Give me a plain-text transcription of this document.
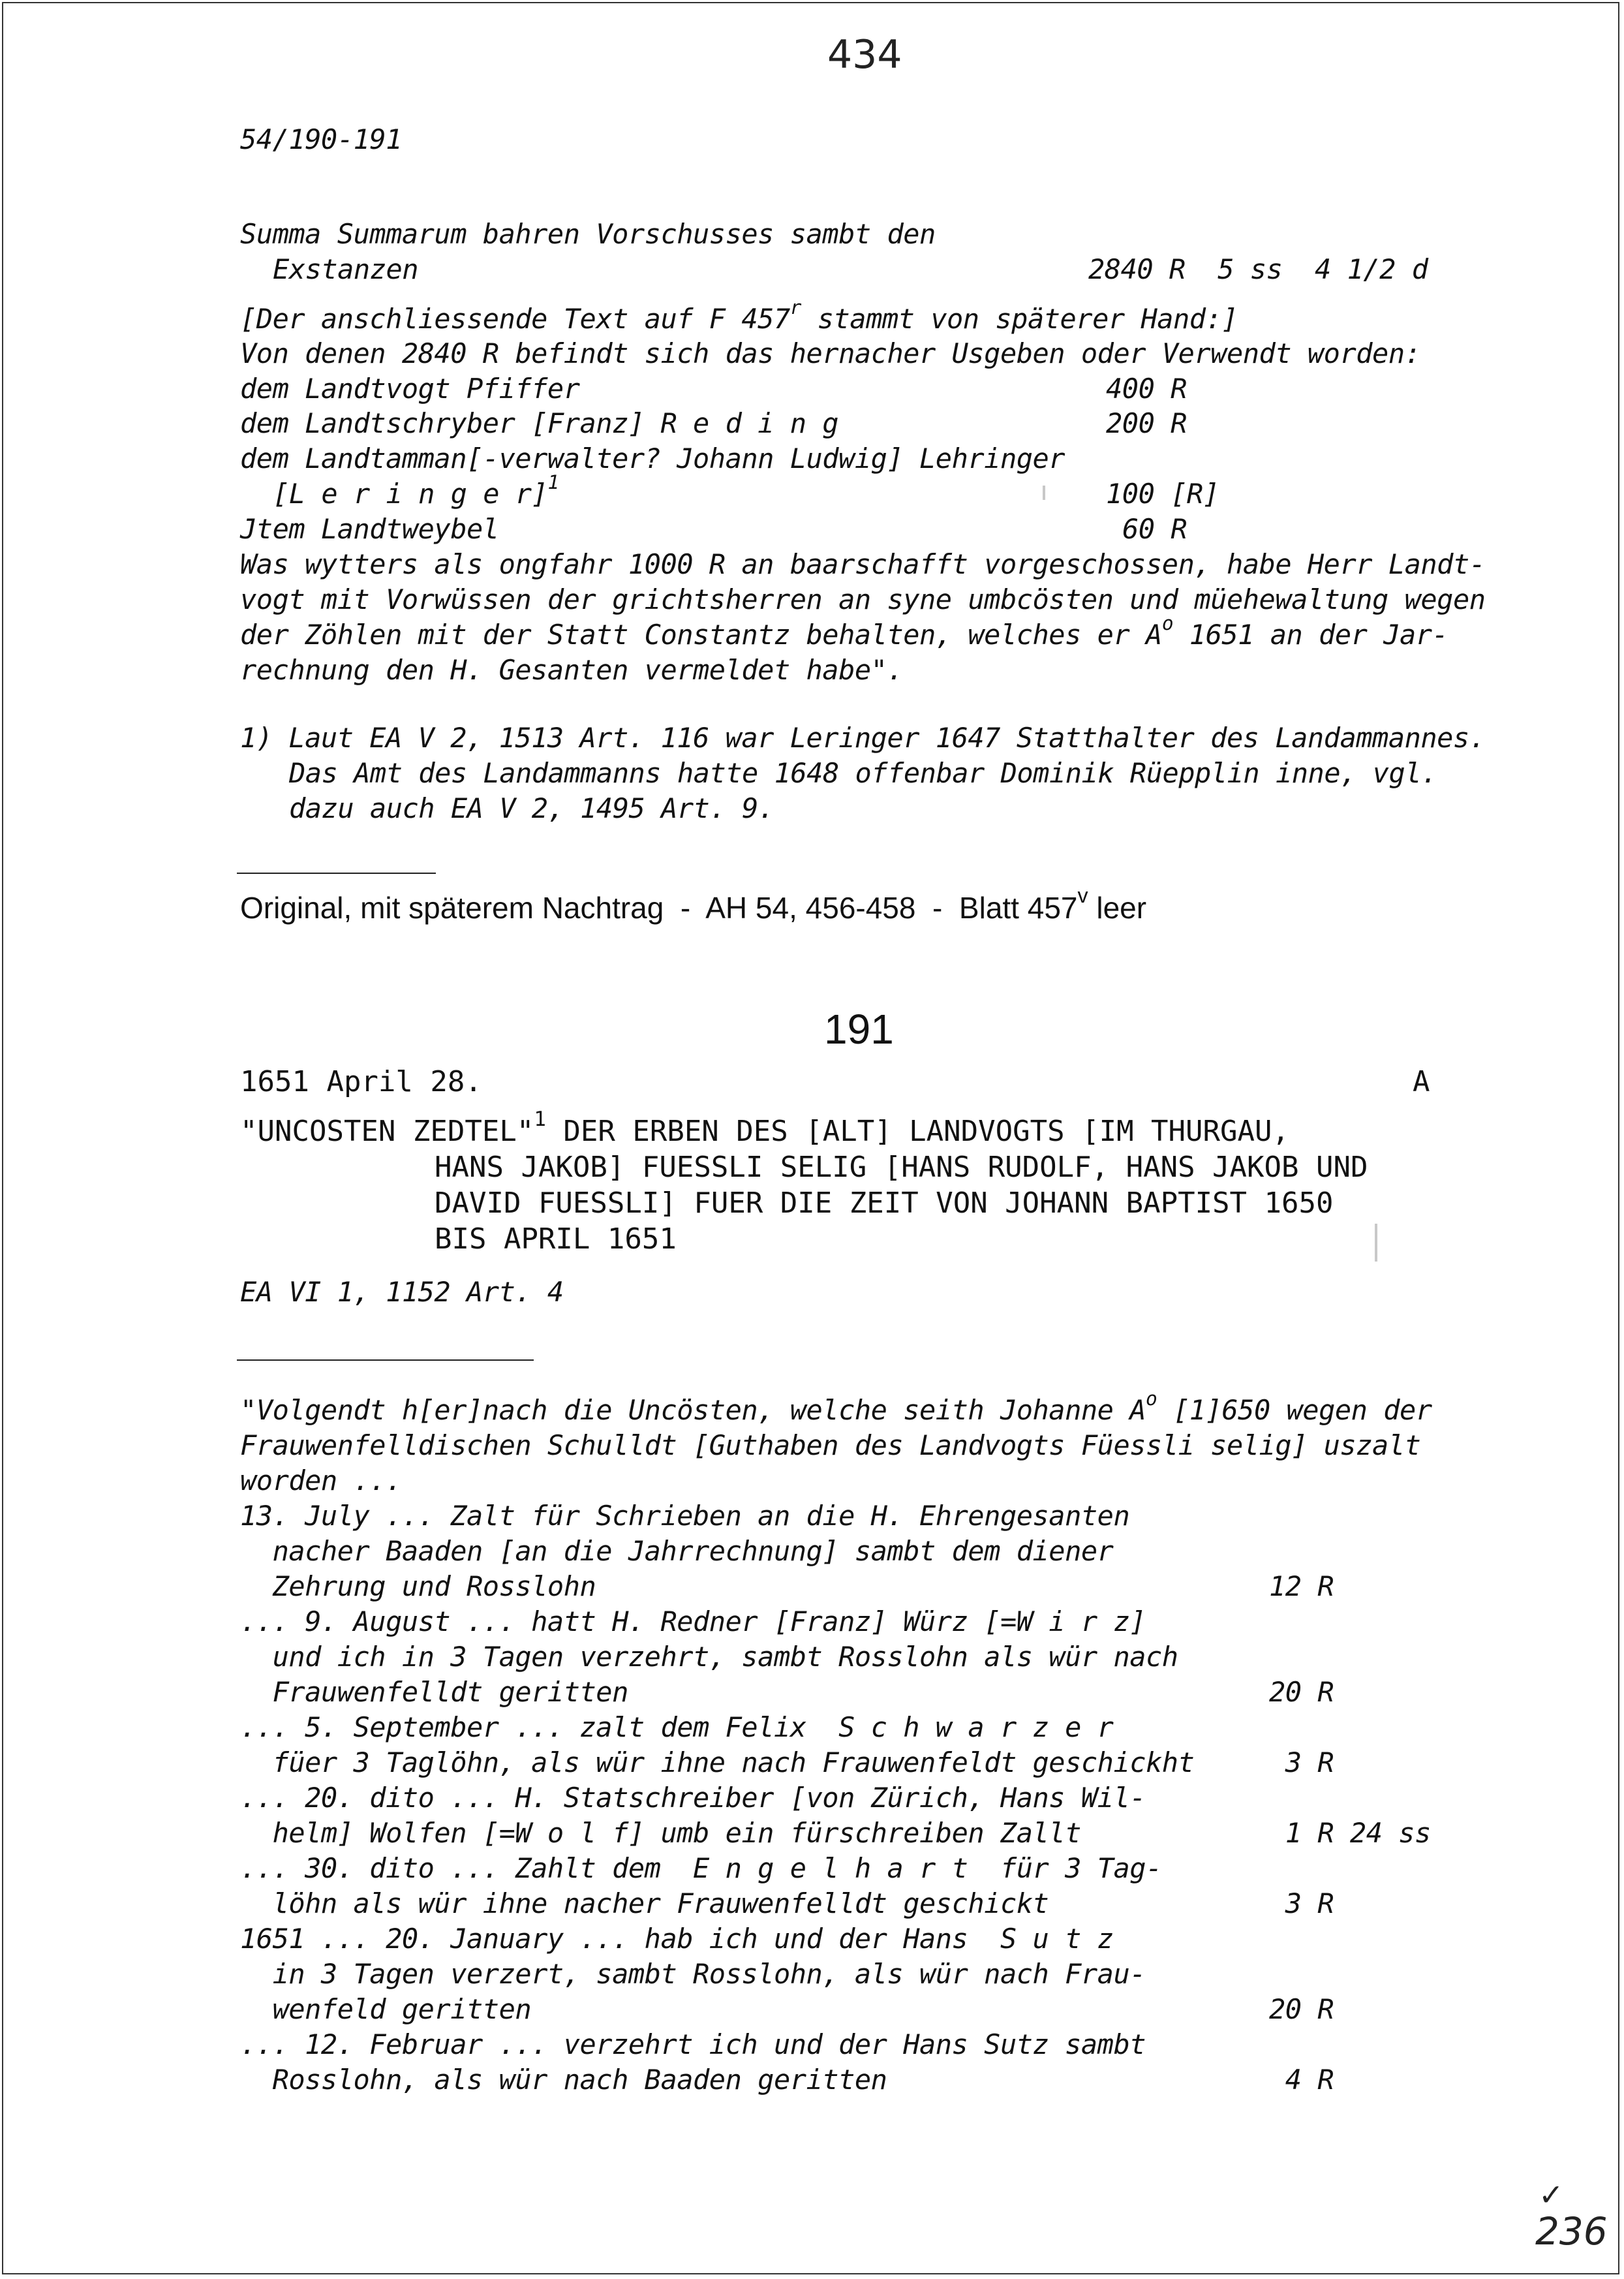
434
54/190-191
Summa Summarum bahren Vorschusses sambt den
Exstanzen	2840 R  5 ss  4 1/2 d
[Der anschliessende Text auf F 457$^r$ stammt von späterer Hand:]
Von denen 2840 R befindt sich das hernacher Usgeben oder Verwendt worden:
dem Landtvogt Pfiffer	400 R
dem Landtschryber [Franz] R e d i n g	200 R
dem Landtamman[-verwalter? Johann Ludwig] Lehringer
[L e r i n g e r]$^1$	100 [R]
Jtem Landtweybel	60 R
Was wytters als ongfahr 1000 R an baarschafft vorgeschossen, habe Herr Landt-
vogt mit Vorwüssen der grichtsherren an syne umbcösten und müehewaltung wegen
der Zöhlen mit der Statt Constantz behalten, welches er $A^o$ 1651 an der Jar-
rechnung den H. Gesanten vermeldet habe".
1) Laut EA V 2, 1513 Art. 116 war Leringer 1647 Statthalter des Landammannes.
Das Amt des Landammanns hatte 1648 offenbar Dominik Rüepplin inne, vgl.
dazu auch EA V 2, 1495 Art. 9.
Original, mit späterem Nachtrag  -  AH 54, 456-458  -  Blatt 457$^v$ leer
191
1651 April 28.	A
"UNCOSTEN ZEDTEL"$^1$ DER ERBEN DES [ALT] LANDVOGTS [IM THURGAU,
HANS JAKOB] FUESSLI SELIG [HANS RUDOLF, HANS JAKOB UND
DAVID FUESSLI] FUER DIE ZEIT VON JOHANN BAPTIST 1650
BIS APRIL 1651
EA VI 1, 1152 Art. 4
"Volgendt h[er]nach die Uncösten, welche seith Johanne $A^o$ [1]650 wegen der
Frauwenfelldischen Schulldt [Guthaben des Landvogts Füessli selig] uszalt
worden ...
13. July ... Zalt für Schrieben an die H. Ehrengesanten
nacher Baaden [an die Jahrrechnung] sambt dem diener
Zehrung und Rosslohn	12 R
... 9. August ... hatt H. Redner [Franz] Würz [=W i r z]
und ich in 3 Tagen verzehrt, sambt Rosslohn als wür nach
Frauwenfelldt geritten	20 R
... 5. September ... zalt dem Felix  S c h w a r z e r
füer 3 Taglöhn, als wür ihne nach Frauwenfeldt geschickht	3 R
... 20. dito ... H. Statschreiber [von Zürich, Hans Wil-
helm] Wolfen [=W o l f] umb ein fürschreiben Zallt	1 R 24 ss
... 30. dito ... Zahlt dem  E n g e l h a r t  für 3 Tag-
löhn als wür ihne nacher Frauwenfelldt geschickt	3 R
1651 ... 20. January ... hab ich und der Hans  S u t z
in 3 Tagen verzert, sambt Rosslohn, als wür nach Frau-
wenfeld geritten	20 R
... 12. Februar ... verzehrt ich und der Hans Sutz sambt
Rosslohn, als wür nach Baaden geritten	4 R
✓
236
